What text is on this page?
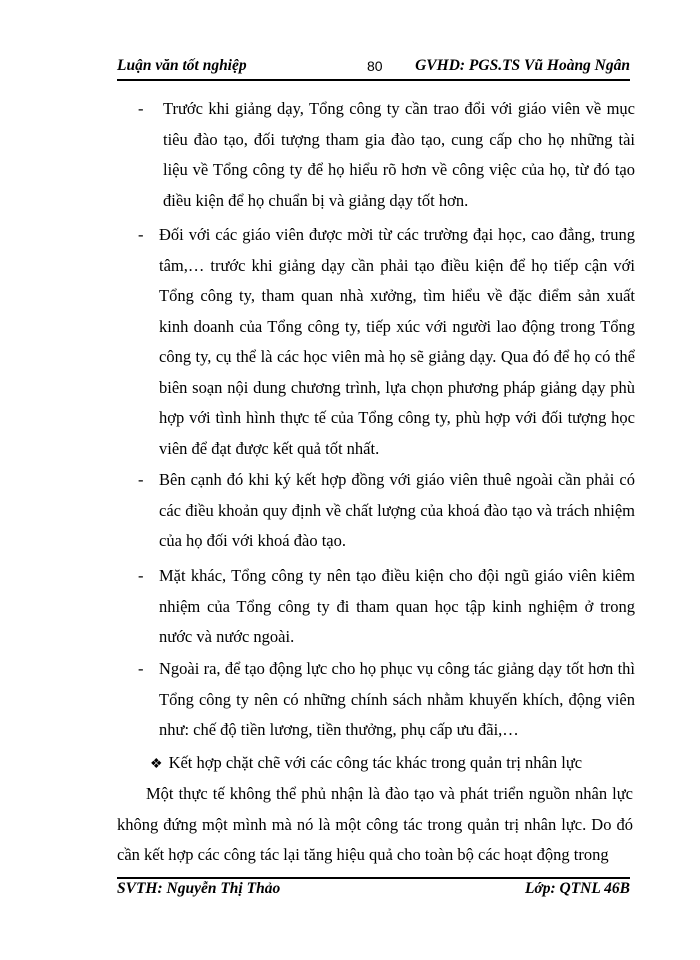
Luận văn tốt nghiệp	80 GVHD: PGS.TS Vũ Hoàng Ngân
- Trước khi giảng dạy, Tổng công ty cần trao đổi với giáo viên về mục tiêu đào tạo, đối tượng tham gia đào tạo, cung cấp cho họ những tài liệu về Tổng công ty để họ hiểu rõ hơn về công việc của họ, từ đó tạo điều kiện để họ chuẩn bị và giảng dạy tốt hơn.

- Đối với các giáo viên được mời từ các trường đại học, cao đẳng, trung tâm,… trước khi giảng dạy cần phải tạo điều kiện để họ tiếp cận với Tổng công ty, tham quan nhà xưởng, tìm hiểu về đặc điểm sản xuất kinh doanh của Tổng công ty, tiếp xúc với người lao động trong Tổng công ty, cụ thể là các học viên mà họ sẽ giảng dạy. Qua đó để họ có thể biên soạn nội dung chương trình, lựa chọn phương pháp giảng dạy phù hợp với tình hình thực tế của Tổng công ty, phù hợp với đối tượng học viên để đạt được kết quả tốt nhất.

- Bên cạnh đó khi ký kết hợp đồng với giáo viên thuê ngoài cần phải có các điều khoản quy định về chất lượng của khoá đào tạo và trách nhiệm của họ đối với khoá đào tạo.

- Mặt khác, Tổng công ty nên tạo điều kiện cho đội ngũ giáo viên kiêm nhiệm của Tổng công ty đi tham quan học tập kinh nghiệm ở trong nước và nước ngoài.

- Ngoài ra, để tạo động lực cho họ phục vụ công tác giảng dạy tốt hơn thì Tổng công ty nên có những chính sách nhằm khuyến khích, động viên như: chế độ tiền lương, tiền thưởng, phụ cấp ưu đãi,…

❖ Kết hợp chặt chẽ với các công tác khác trong quản trị nhân lực

Một thực tế không thể phủ nhận là đào tạo và phát triển nguồn nhân lực không đứng một mình mà nó là một công tác trong quản trị nhân lực. Do đó cần kết hợp các công tác lại tăng hiệu quả cho toàn bộ các hoạt động trong

SVTH: Nguyễn Thị Thảo	Lớp: QTNL 46B
